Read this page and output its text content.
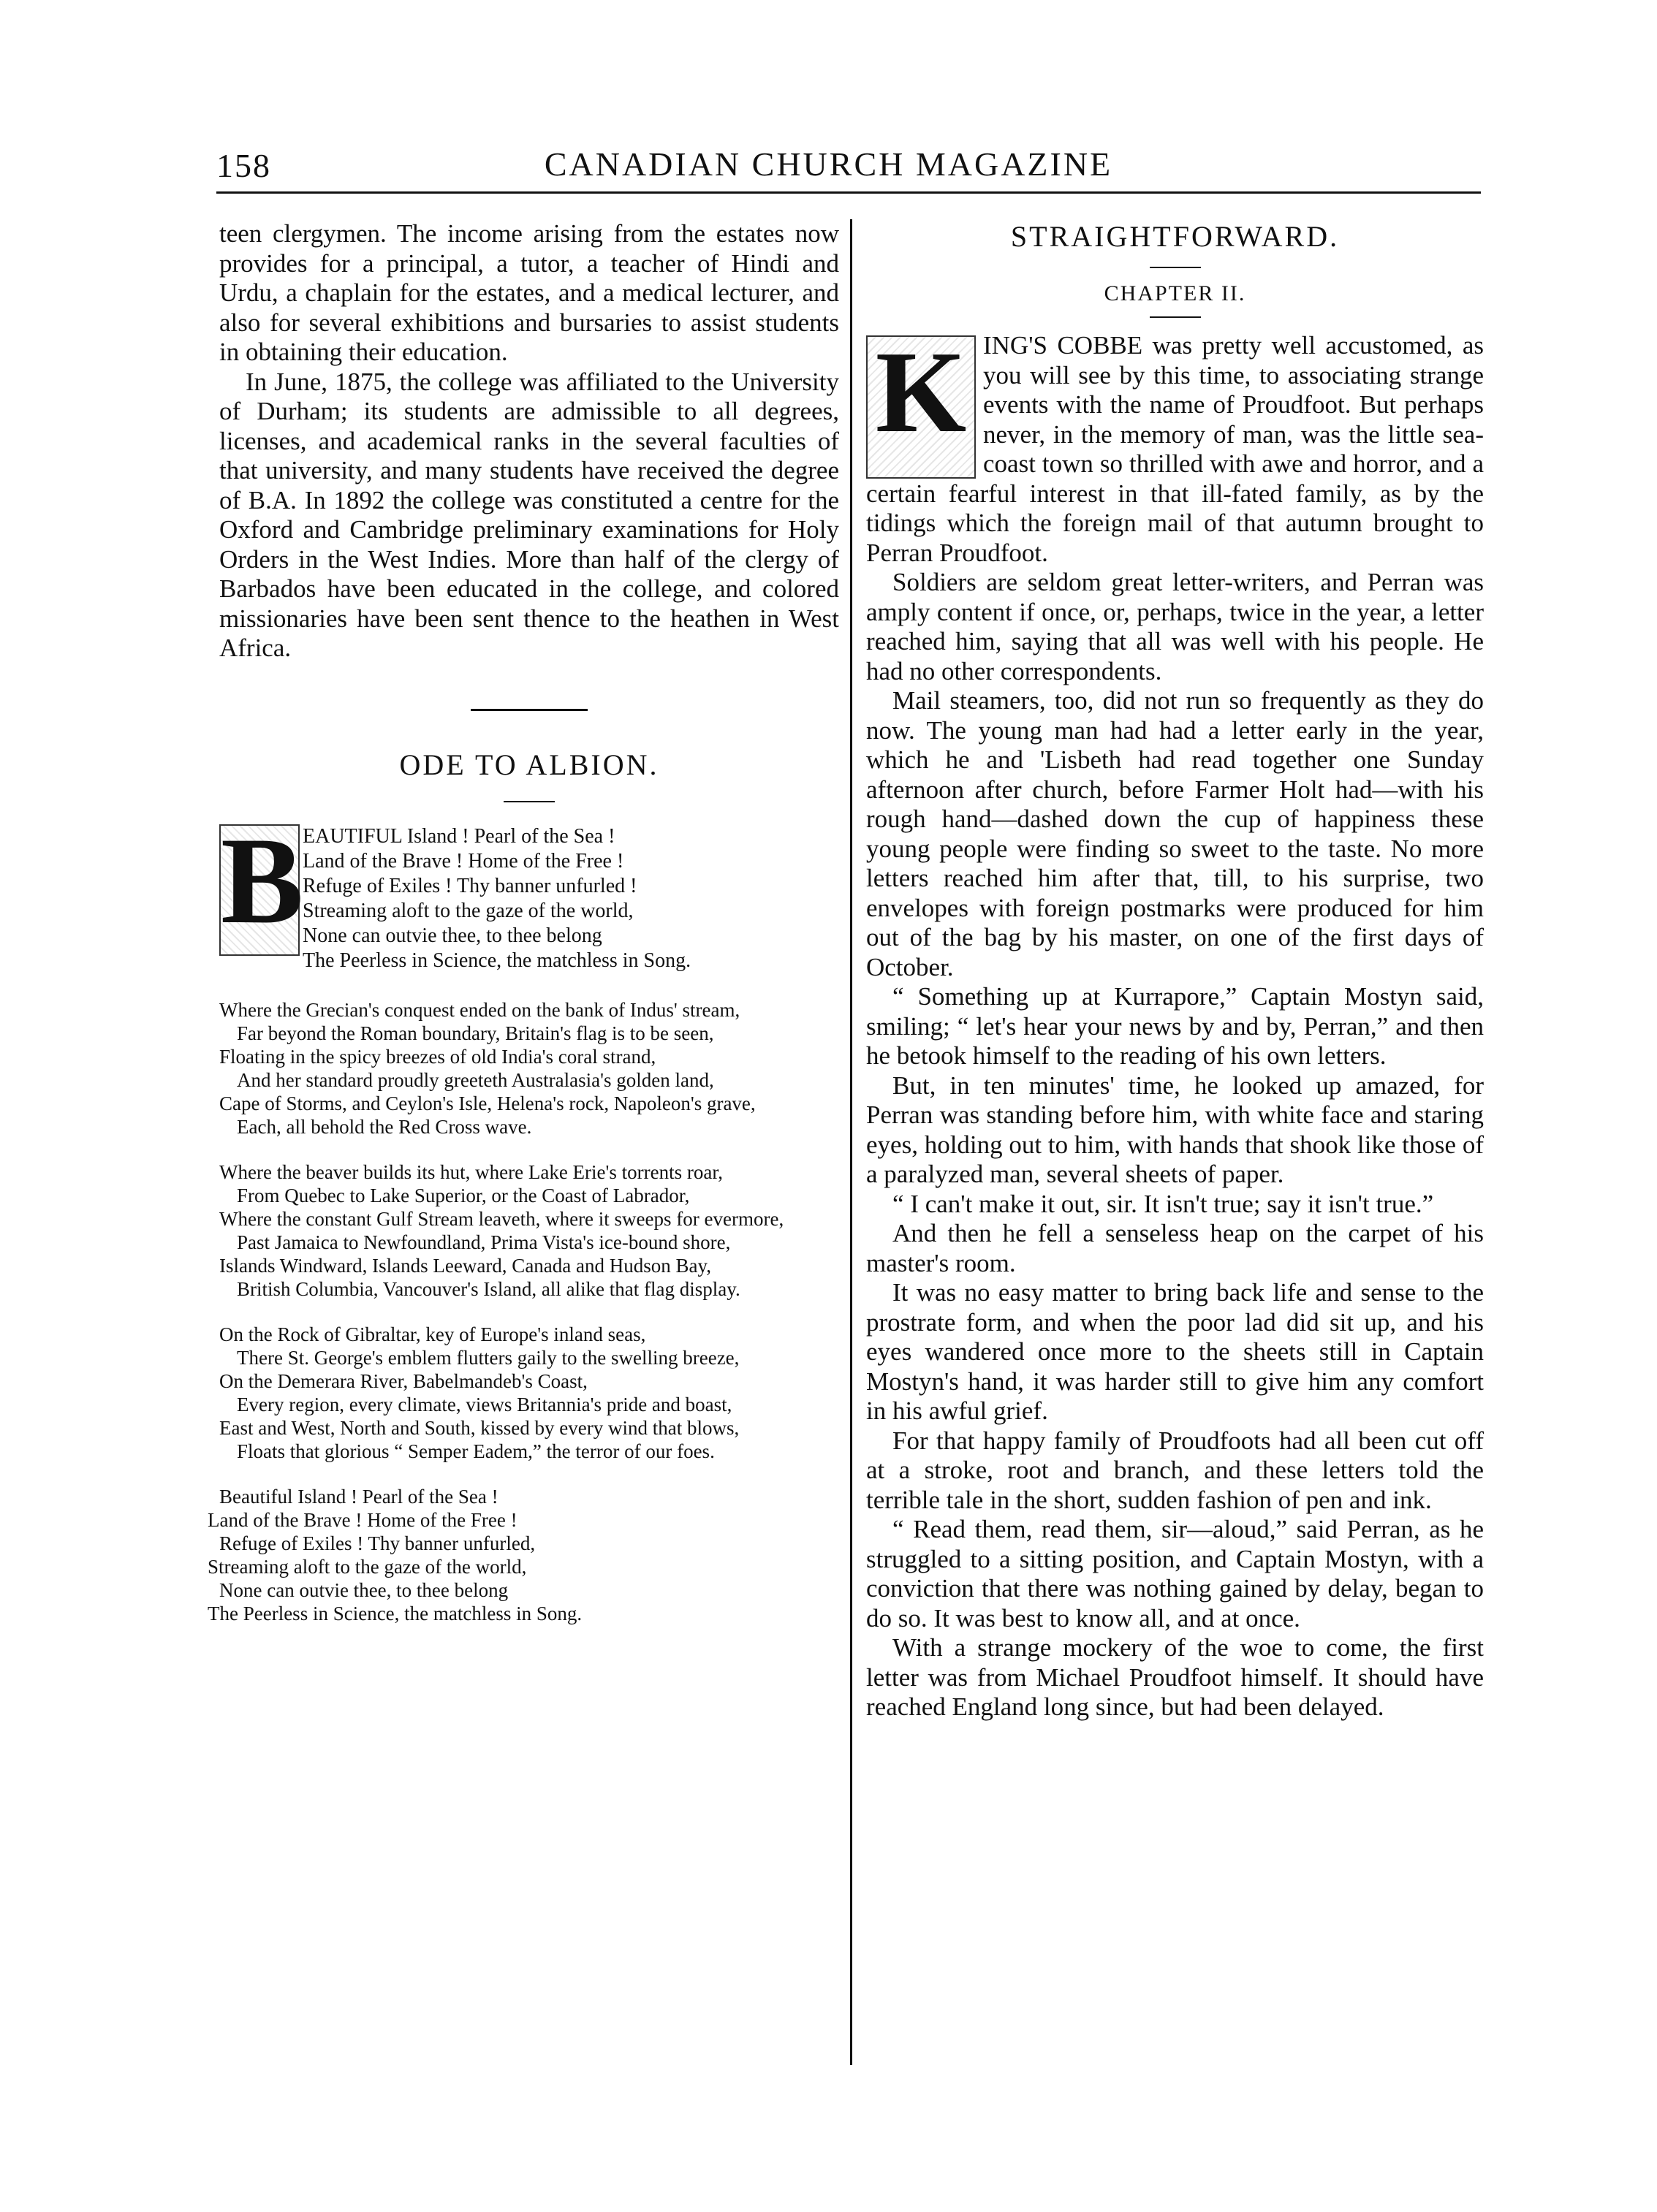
158	CANADIAN CHURCH MAGAZINE

teen clergymen. The income arising from the estates now provides for a principal, a tutor, a teacher of Hindi and Urdu, a chaplain for the estates, and a medical lecturer, and also for several exhibitions and bursaries to assist students in obtaining their education.

In June, 1875, the college was affiliated to the University of Durham; its students are admissible to all degrees, licenses, and academical ranks in the several faculties of that university, and many students have received the degree of B.A. In 1892 the college was constituted a centre for the Oxford and Cambridge preliminary examinations for Holy Orders in the West Indies. More than half of the clergy of Barbados have been educated in the college, and colored missionaries have been sent thence to the heathen in West Africa.

ODE TO ALBION.
B
EAUTIFUL Island ! Pearl of the Sea !
Land of the Brave ! Home of the Free !
Refuge of Exiles ! Thy banner unfurled !
Streaming aloft to the gaze of the world,
None can outvie thee, to thee belong
The Peerless in Science, the matchless in Song.
Where the Grecian's conquest ended on the bank of Indus' stream,
Far beyond the Roman boundary, Britain's flag is to be seen,
Floating in the spicy breezes of old India's coral strand,
And her standard proudly greeteth Australasia's golden land,
Cape of Storms, and Ceylon's Isle, Helena's rock, Napoleon's grave,
Each, all behold the Red Cross wave.
Where the beaver builds its hut, where Lake Erie's torrents roar,
From Quebec to Lake Superior, or the Coast of Labrador,
Where the constant Gulf Stream leaveth, where it sweeps for evermore,
Past Jamaica to Newfoundland, Prima Vista's ice-bound shore,
Islands Windward, Islands Leeward, Canada and Hudson Bay,
British Columbia, Vancouver's Island, all alike that flag display.
On the Rock of Gibraltar, key of Europe's inland seas,
There St. George's emblem flutters gaily to the swelling breeze,
On the Demerara River, Babelmandeb's Coast,
Every region, every climate, views Britannia's pride and boast,
East and West, North and South, kissed by every wind that blows,
Floats that glorious “ Semper Eadem,” the terror of our foes.
Beautiful Island ! Pearl of the Sea !
Land of the Brave ! Home of the Free !
Refuge of Exiles ! Thy banner unfurled,
Streaming aloft to the gaze of the world,
None can outvie thee, to thee belong
The Peerless in Science, the matchless in Song.
STRAIGHTFORWARD.
CHAPTER II.
K ING'S COBBE was pretty well accustomed, as you will see by this time, to associating strange events with the name of Proudfoot. But perhaps never, in the memory of man, was the little sea-coast town so thrilled with awe and horror, and a certain fearful interest in that ill-fated family, as by the tidings which the foreign mail of that autumn brought to Perran Proudfoot.

Soldiers are seldom great letter-writers, and Perran was amply content if once, or, perhaps, twice in the year, a letter reached him, saying that all was well with his people. He had no other correspondents.

Mail steamers, too, did not run so frequently as they do now. The young man had had a letter early in the year, which he and 'Lisbeth had read together one Sunday afternoon after church, before Farmer Holt had—with his rough hand—dashed down the cup of happiness these young people were finding so sweet to the taste. No more letters reached him after that, till, to his surprise, two envelopes with foreign postmarks were produced for him out of the bag by his master, on one of the first days of October.

“ Something up at Kurrapore,” Captain Mostyn said, smiling; “ let's hear your news by and by, Perran,” and then he betook himself to the reading of his own letters.

But, in ten minutes' time, he looked up amazed, for Perran was standing before him, with white face and staring eyes, holding out to him, with hands that shook like those of a paralyzed man, several sheets of paper.

“ I can't make it out, sir. It isn't true; say it isn't true.”

And then he fell a senseless heap on the carpet of his master's room.

It was no easy matter to bring back life and sense to the prostrate form, and when the poor lad did sit up, and his eyes wandered once more to the sheets still in Captain Mostyn's hand, it was harder still to give him any comfort in his awful grief.

For that happy family of Proudfoots had all been cut off at a stroke, root and branch, and these letters told the terrible tale in the short, sudden fashion of pen and ink.

“ Read them, read them, sir—aloud,” said Perran, as he struggled to a sitting position, and Captain Mostyn, with a conviction that there was nothing gained by delay, began to do so. It was best to know all, and at once.

With a strange mockery of the woe to come, the first letter was from Michael Proudfoot himself. It should have reached England long since, but had been delayed.
